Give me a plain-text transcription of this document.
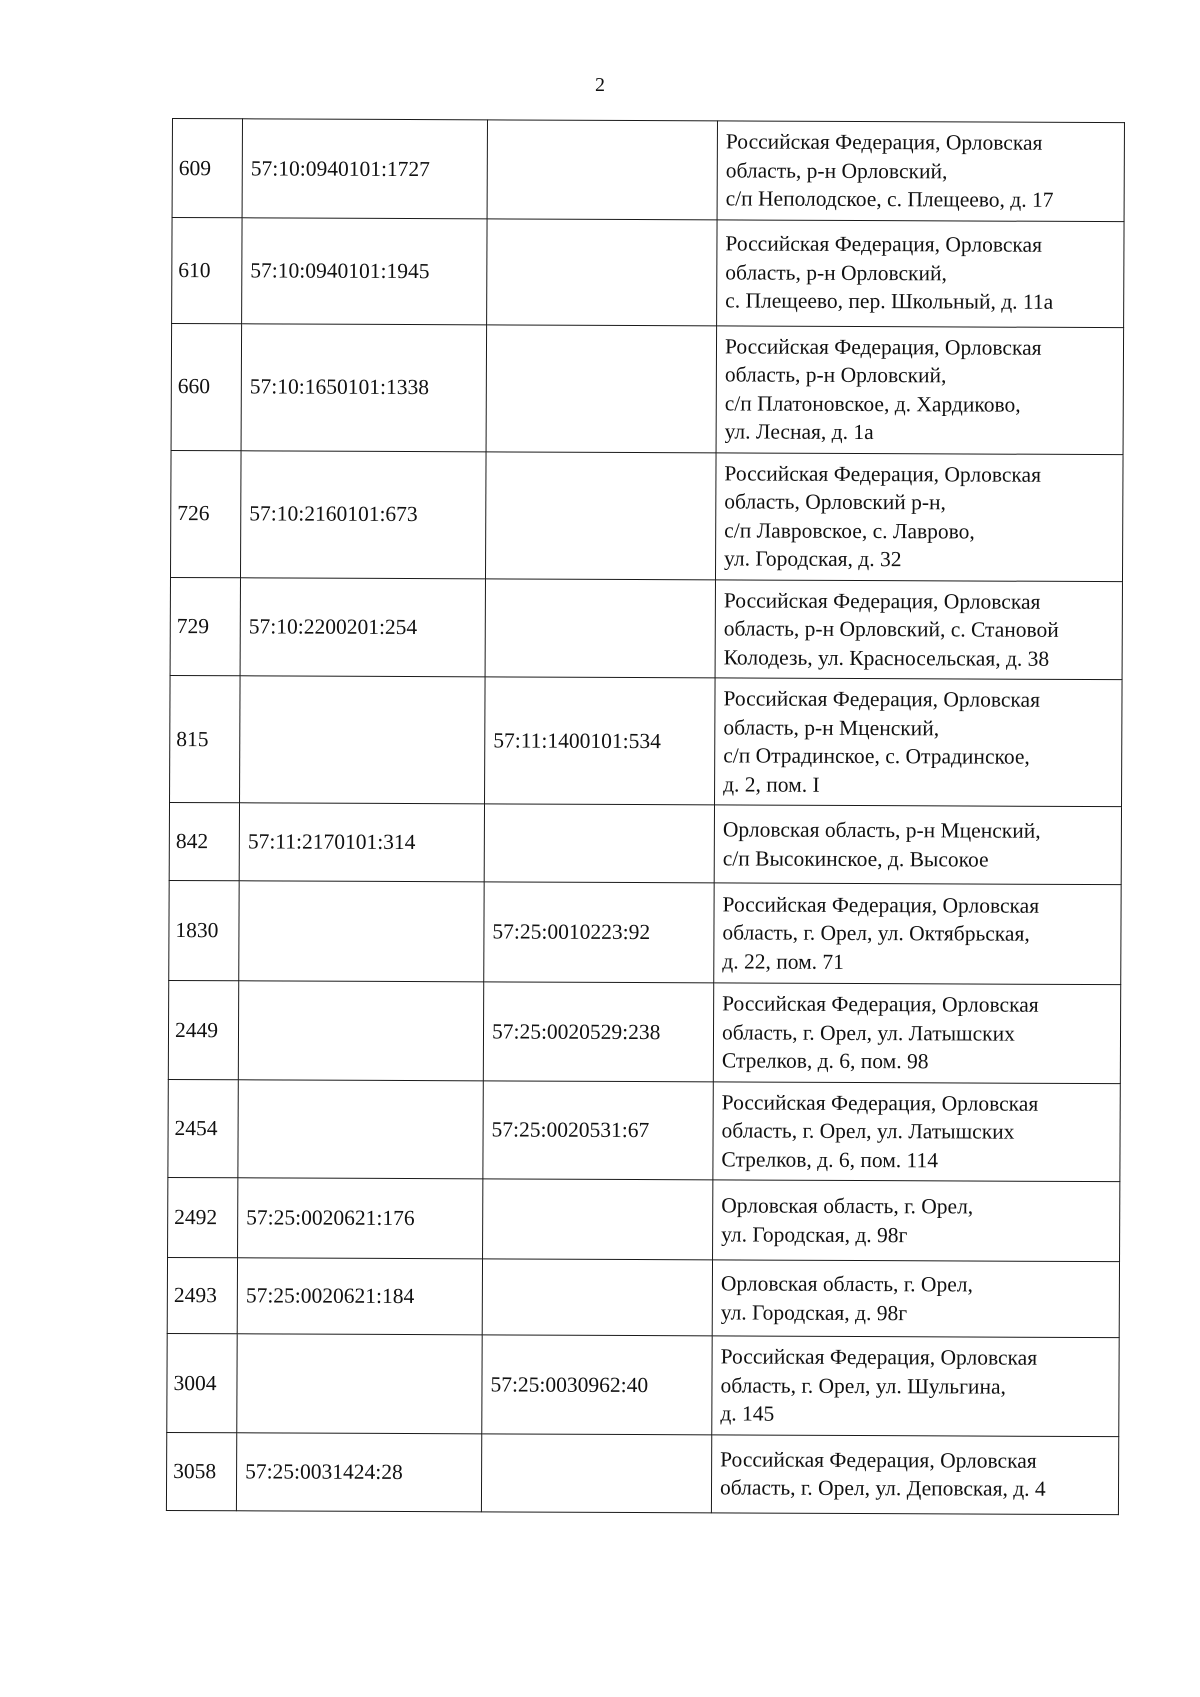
2
609	57:10:0940101:1727		Российская Федерация, Орловская
область, р-н Орловский,
с/п Неполодское, с. Плещеево, д. 17

610	57:10:0940101:1945		Российская Федерация, Орловская
область, р-н Орловский,
с. Плещеево, пер. Школьный, д. 11а

660	57:10:1650101:1338		Российская Федерация, Орловская
область, р-н Орловский,
с/п Платоновское, д. Хардиково,
ул. Лесная, д. 1а

726	57:10:2160101:673		Российская Федерация, Орловская
область, Орловский р-н,
с/п Лавровское, с. Лаврово,
ул. Городская, д. 32

729	57:10:2200201:254		Российская Федерация, Орловская
область, р-н Орловский, с. Становой
Колодезь, ул. Красносельская, д. 38

815		57:11:1400101:534	Российская Федерация, Орловская
область, р-н Мценский,
с/п Отрадинское, с. Отрадинское,
д. 2, пом. I

842	57:11:2170101:314		Орловская область, р-н Мценский,
с/п Высокинское, д. Высокое

1830		57:25:0010223:92	Российская Федерация, Орловская
область, г. Орел, ул. Октябрьская,
д. 22, пом. 71

2449		57:25:0020529:238	Российская Федерация, Орловская
область, г. Орел, ул. Латышских
Стрелков, д. 6, пом. 98

2454		57:25:0020531:67	Российская Федерация, Орловская
область, г. Орел, ул. Латышских
Стрелков, д. 6, пом. 114

2492	57:25:0020621:176		Орловская область, г. Орел,
ул. Городская, д. 98г

2493	57:25:0020621:184		Орловская область, г. Орел,
ул. Городская, д. 98г

3004		57:25:0030962:40	Российская Федерация, Орловская
область, г. Орел, ул. Шульгина,
д. 145

3058	57:25:0031424:28		Российская Федерация, Орловская
область, г. Орел, ул. Деповская, д. 4
